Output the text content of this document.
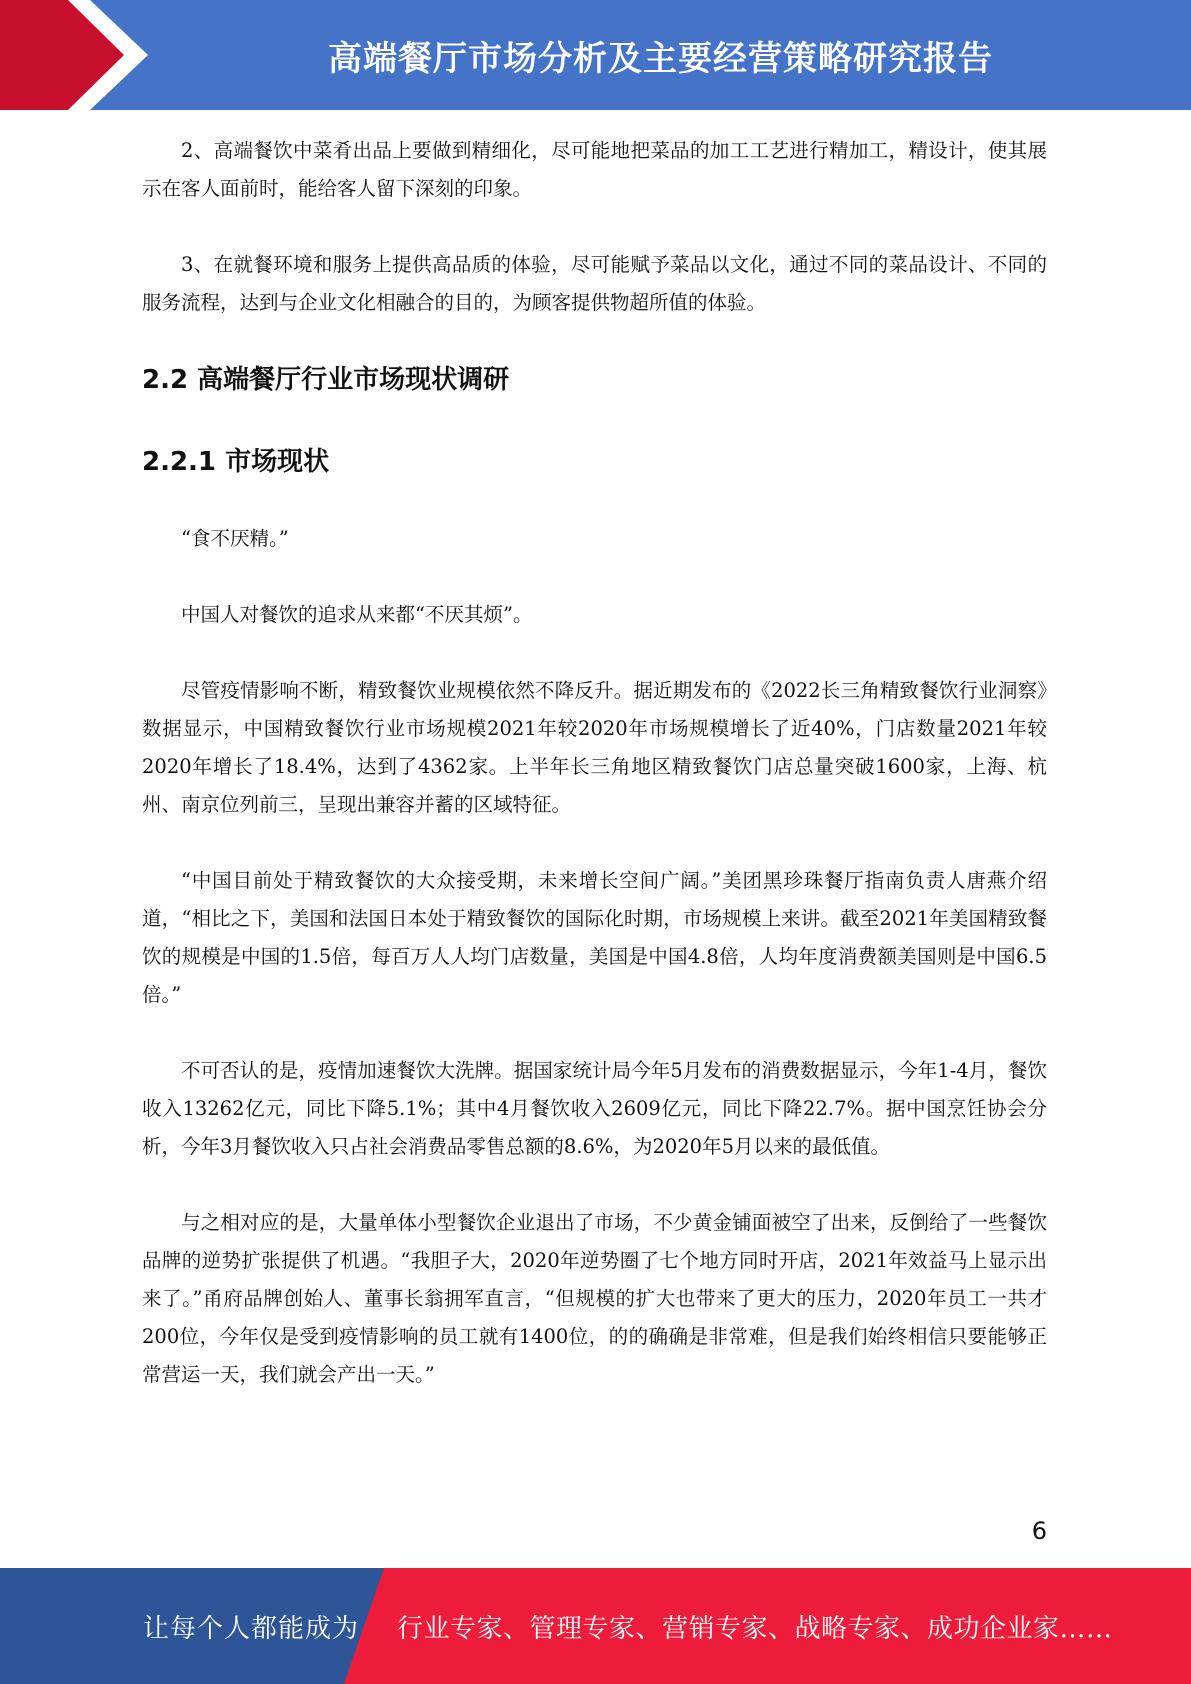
高端餐厅市场分析及主要经营策略研究报告

2、高端餐饮中菜肴出品上要做到精细化，尽可能地把菜品的加工工艺进行精加工，精设计，使其展示在客人面前时，能给客人留下深刻的印象。

3、在就餐环境和服务上提供高品质的体验，尽可能赋予菜品以文化，通过不同的菜品设计、不同的服务流程，达到与企业文化相融合的目的，为顾客提供物超所值的体验。

2.2 高端餐厅行业市场现状调研
2.2.1 市场现状

“食不厌精。”

中国人对餐饮的追求从来都“不厌其烦”。

尽管疫情影响不断，精致餐饮业规模依然不降反升。据近期发布的《2022长三角精致餐饮行业洞察》数据显示，中国精致餐饮行业市场规模2021年较2020年市场规模增长了近40%，门店数量2021年较2020年增长了18.4%，达到了4362家。上半年长三角地区精致餐饮门店总量突破1600家，上海、杭州、南京位列前三，呈现出兼容并蓄的区域特征。

“中国目前处于精致餐饮的大众接受期，未来增长空间广阔。”美团黑珍珠餐厅指南负责人唐燕介绍道，“相比之下，美国和法国日本处于精致餐饮的国际化时期，市场规模上来讲。截至2021年美国精致餐饮的规模是中国的1.5倍，每百万人人均门店数量，美国是中国4.8倍，人均年度消费额美国则是中国6.5倍。”

不可否认的是，疫情加速餐饮大洗牌。据国家统计局今年5月发布的消费数据显示，今年1-4月，餐饮收入13262亿元，同比下降5.1%；其中4月餐饮收入2609亿元，同比下降22.7%。据中国烹饪协会分析，今年3月餐饮收入只占社会消费品零售总额的8.6%，为2020年5月以来的最低值。

与之相对应的是，大量单体小型餐饮企业退出了市场，不少黄金铺面被空了出来，反倒给了一些餐饮品牌的逆势扩张提供了机遇。“我胆子大，2020年逆势圈了七个地方同时开店，2021年效益马上显示出来了。”甬府品牌创始人、董事长翁拥军直言，“但规模的扩大也带来了更大的压力，2020年员工一共才200位，今年仅是受到疫情影响的员工就有1400位，的的确确是非常难，但是我们始终相信只要能够正常营运一天，我们就会产出一天。”

6
让每个人都能成为 行业专家、管理专家、营销专家、战略专家、成功企业家……
